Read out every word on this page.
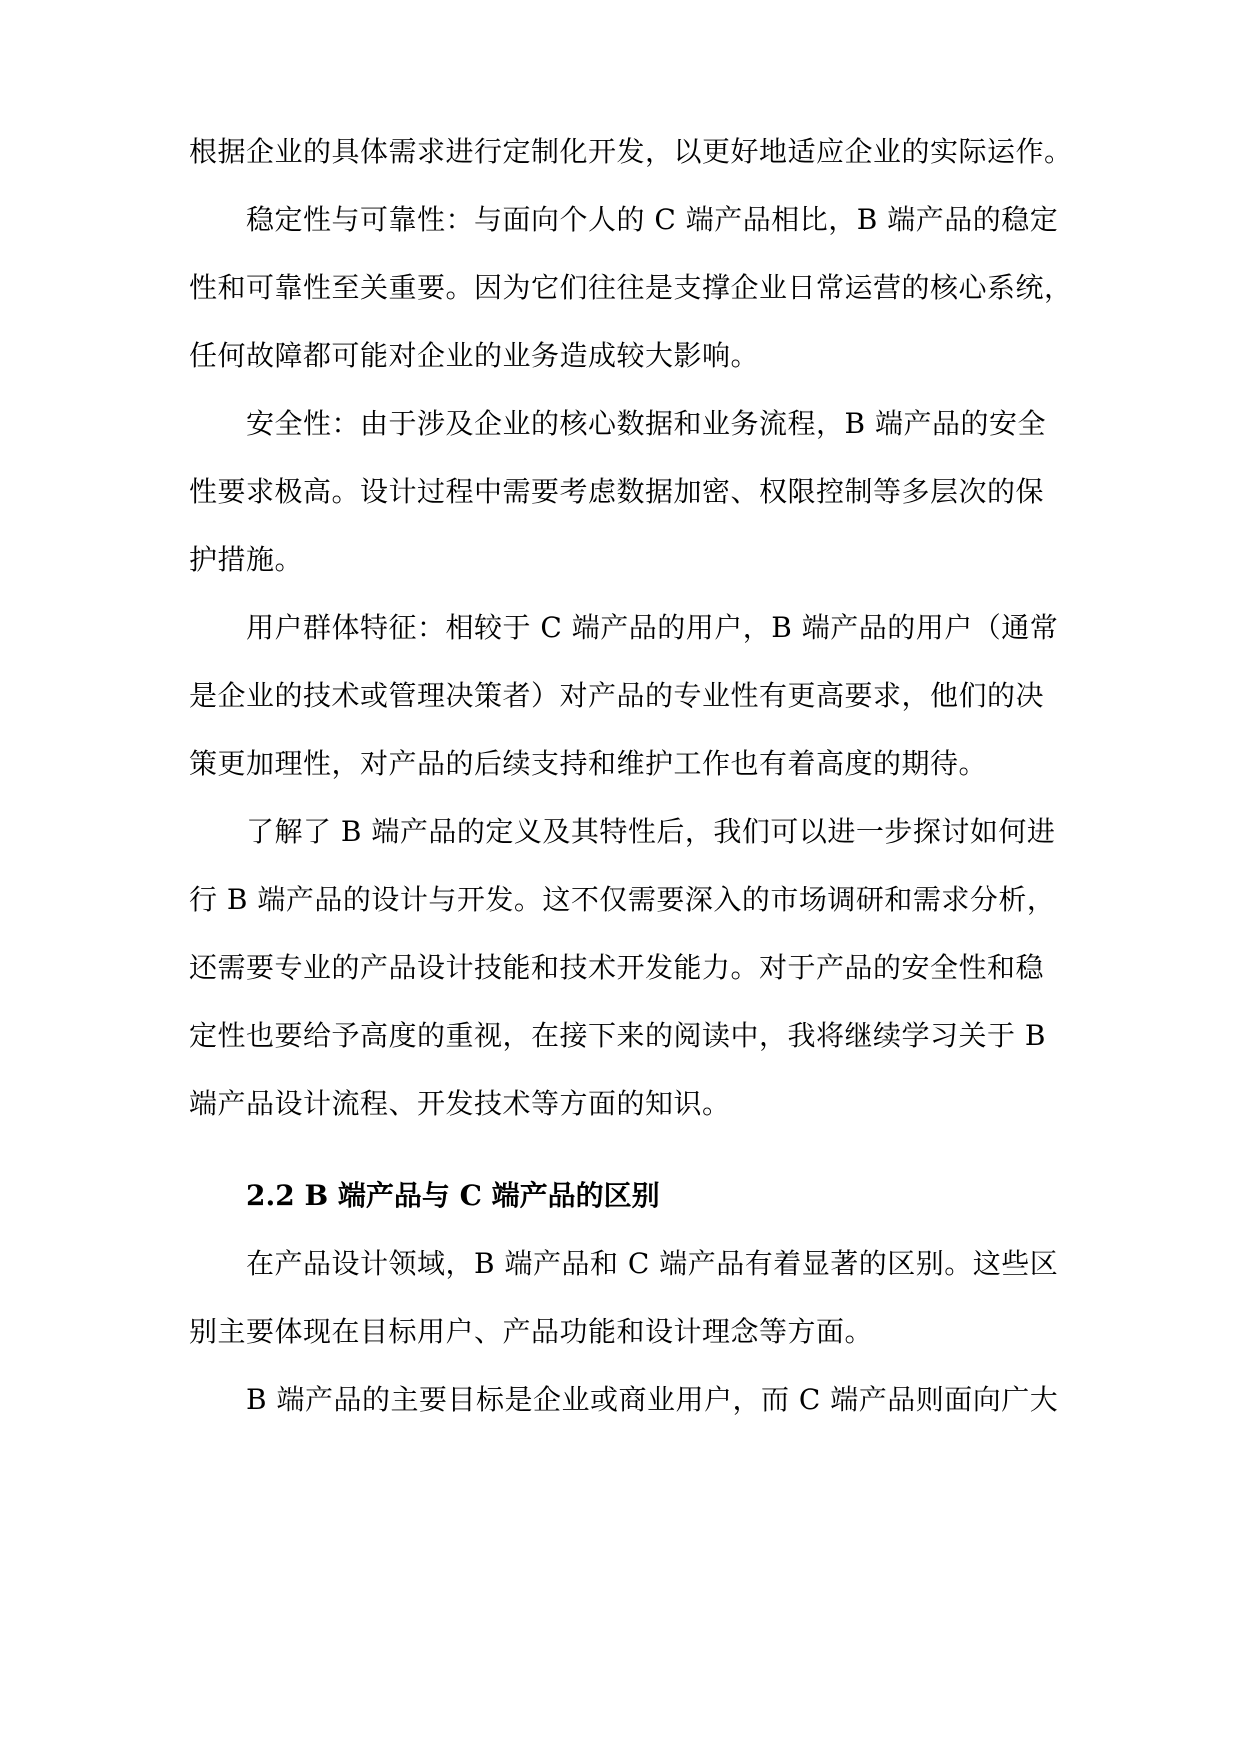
根据企业的具体需求进行定制化开发，以更好地适应企业的实际运作。
稳定性与可靠性：与面向个人的 C 端产品相比，B 端产品的稳定
性和可靠性至关重要。因为它们往往是支撑企业日常运营的核心系统，
任何故障都可能对企业的业务造成较大影响。
安全性：由于涉及企业的核心数据和业务流程，B 端产品的安全
性要求极高。设计过程中需要考虑数据加密、权限控制等多层次的保
护措施。
用户群体特征：相较于 C 端产品的用户，B 端产品的用户（通常
是企业的技术或管理决策者）对产品的专业性有更高要求，他们的决
策更加理性，对产品的后续支持和维护工作也有着高度的期待。
了解了 B 端产品的定义及其特性后，我们可以进一步探讨如何进
行 B 端产品的设计与开发。这不仅需要深入的市场调研和需求分析，
还需要专业的产品设计技能和技术开发能力。对于产品的安全性和稳
定性也要给予高度的重视，在接下来的阅读中，我将继续学习关于 B
端产品设计流程、开发技术等方面的知识。
2.2 B 端产品与 C 端产品的区别
在产品设计领域，B 端产品和 C 端产品有着显著的区别。这些区
别主要体现在目标用户、产品功能和设计理念等方面。
B 端产品的主要目标是企业或商业用户，而 C 端产品则面向广大
